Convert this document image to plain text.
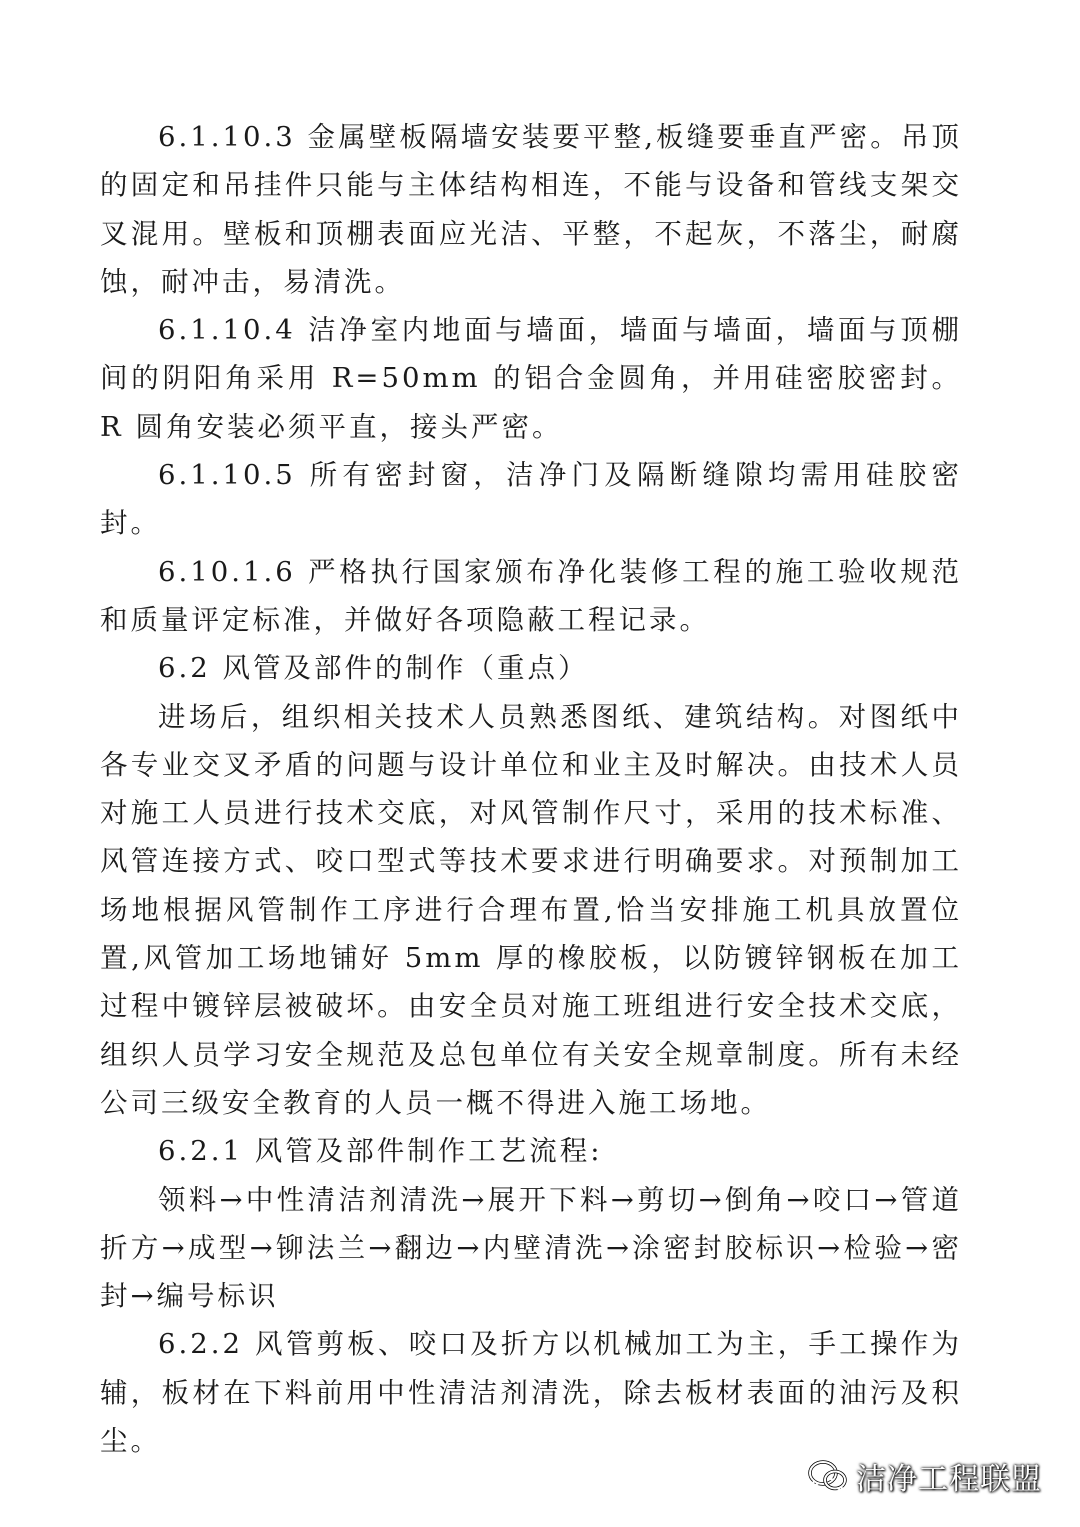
6.1.10.3 金属壁板隔墙安装要平整,板缝要垂直严密。吊顶的固定和吊挂件只能与主体结构相连，不能与设备和管线支架交叉混用。壁板和顶棚表面应光洁、平整，不起灰，不落尘，耐腐蚀，耐冲击，易清洗。

6.1.10.4 洁净室内地面与墙面，墙面与墙面，墙面与顶棚间的阴阳角采用 R=50mm 的铝合金圆角，并用硅密胶密封。R 圆角安装必须平直，接头严密。

6.1.10.5 所有密封窗，洁净门及隔断缝隙均需用硅胶密封。

6.10.1.6 严格执行国家颁布净化装修工程的施工验收规范和质量评定标准，并做好各项隐蔽工程记录。

6.2 风管及部件的制作（重点）

进场后，组织相关技术人员熟悉图纸、建筑结构。对图纸中各专业交叉矛盾的问题与设计单位和业主及时解决。由技术人员对施工人员进行技术交底，对风管制作尺寸，采用的技术标准、风管连接方式、咬口型式等技术要求进行明确要求。对预制加工场地根据风管制作工序进行合理布置,恰当安排施工机具放置位置,风管加工场地铺好 5mm 厚的橡胶板，以防镀锌钢板在加工过程中镀锌层被破坏。由安全员对施工班组进行安全技术交底，组织人员学习安全规范及总包单位有关安全规章制度。所有未经公司三级安全教育的人员一概不得进入施工场地。

6.2.1 风管及部件制作工艺流程:

领料→中性清洁剂清洗→展开下料→剪切→倒角→咬口→管道折方→成型→铆法兰→翻边→内壁清洗→涂密封胶标识→检验→密封→编号标识

6.2.2 风管剪板、咬口及折方以机械加工为主，手工操作为辅，板材在下料前用中性清洁剂清洗，除去板材表面的油污及积尘。

洁净工程联盟
